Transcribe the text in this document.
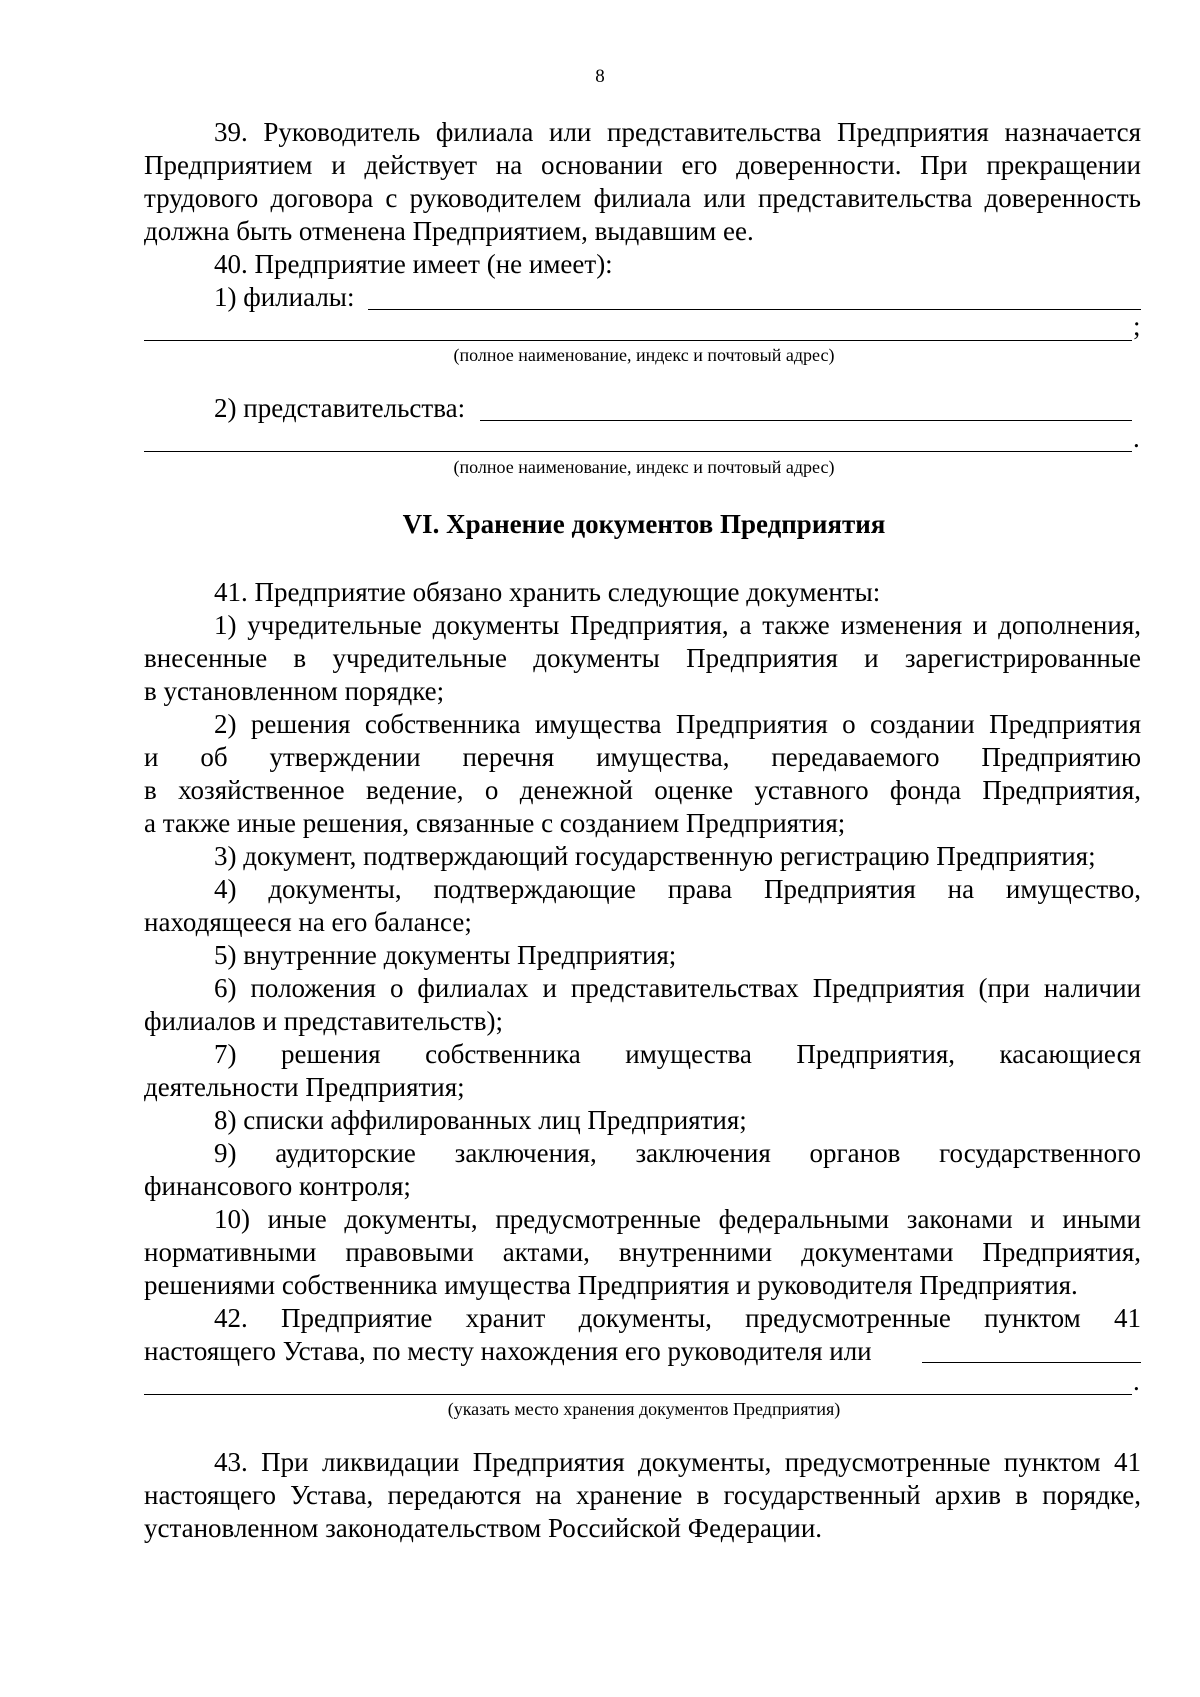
8
39. Руководитель филиала или представительства Предприятия назначается
Предприятием и действует на основании его доверенности. При прекращении
трудового договора с руководителем филиала или представительства доверенность
должна быть отменена Предприятием, выдавшим ее.
40. Предприятие имеет (не имеет):
1) филиалы:
;
(полное наименование, индекс и почтовый адрес)
2) представительства:
.
(полное наименование, индекс и почтовый адрес)
VI. Хранение документов Предприятия
41. Предприятие обязано хранить следующие документы:
1) учредительные документы Предприятия, а также изменения и дополнения,
внесенные в учредительные документы Предприятия и зарегистрированные
в установленном порядке;
2) решения собственника имущества Предприятия о создании Предприятия
и об утверждении перечня имущества, передаваемого Предприятию
в хозяйственное ведение, о денежной оценке уставного фонда Предприятия,
а также иные решения, связанные с созданием Предприятия;
3) документ, подтверждающий государственную регистрацию Предприятия;
4) документы, подтверждающие права Предприятия на имущество,
находящееся на его балансе;
5) внутренние документы Предприятия;
6) положения о филиалах и представительствах Предприятия (при наличии
филиалов и представительств);
7) решения собственника имущества Предприятия, касающиеся
деятельности Предприятия;
8) списки аффилированных лиц Предприятия;
9) аудиторские заключения, заключения органов государственного
финансового контроля;
10) иные документы, предусмотренные федеральными законами и иными
нормативными правовыми актами, внутренними документами Предприятия,
решениями собственника имущества Предприятия и руководителя Предприятия.
42. Предприятие хранит документы, предусмотренные пунктом 41
настоящего Устава, по месту нахождения его руководителя или
.
(указать место хранения документов Предприятия)
43. При ликвидации Предприятия документы, предусмотренные пунктом 41
настоящего Устава, передаются на хранение в государственный архив в порядке,
установленном законодательством Российской Федерации.
